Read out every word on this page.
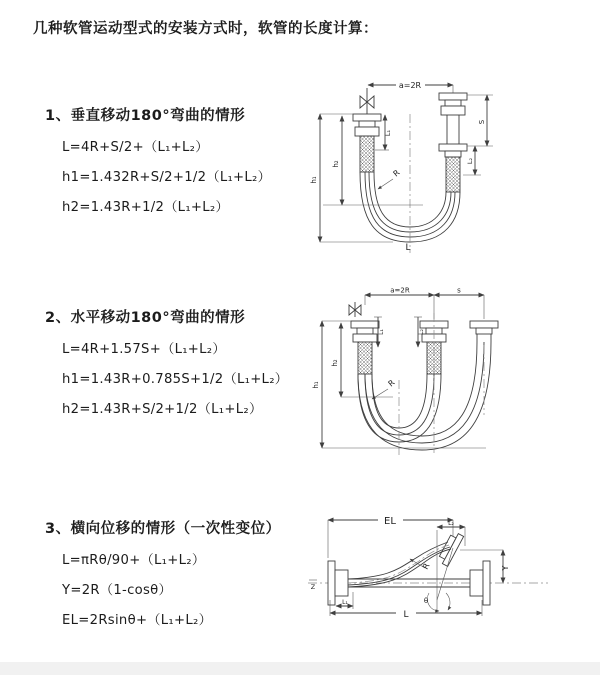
几种软管运动型式的安装方式时，软管的长度计算：
1、垂直移动180°弯曲的情形
L=4R+S/2+（L₁+L₂）
h1=1.432R+S/2+1/2（L₁+L₂）
h2=1.43R+1/2（L₁+L₂）
2、水平移动180°弯曲的情形
L=4R+1.57S+（L₁+L₂）
h1=1.43R+0.785S+1/2（L₁+L₂）
h2=1.43R+S/2+1/2（L₁+L₂）
3、横向位移的情形（一次性变位）
L=πRθ/90+（L₁+L₂）
Y=2R（1-cosθ）
EL=2Rsinθ+（L₁+L₂）
a=2R
R
L
h₁
h₂
L₁
S
L₂
a=2R	s
L₁	L₂
h₁
h₂
R
EL	L₂
Y
θ
R
L
L₁
Z
